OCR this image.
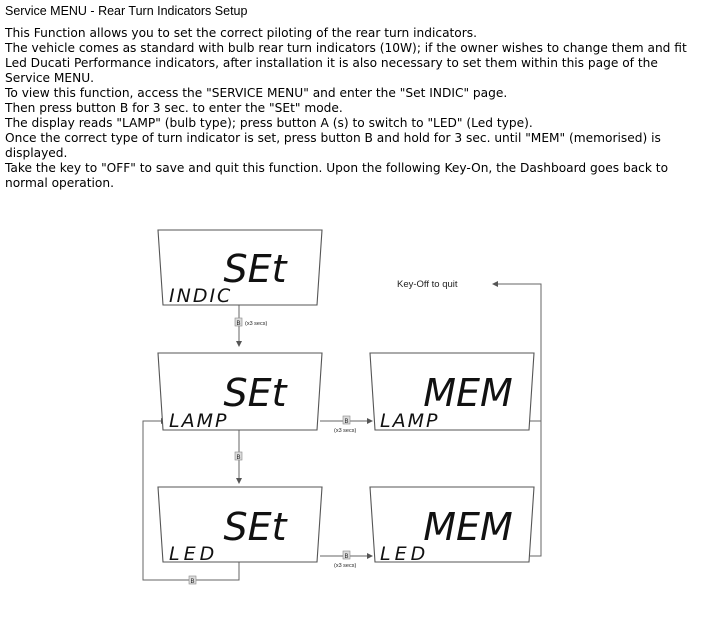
Service MENU - Rear Turn Indicators Setup

This Function allows you to set the correct piloting of the rear turn indicators.

The vehicle comes as standard with bulb rear turn indicators (10W); if the owner wishes to change them and fit Led Ducati Performance indicators, after installation it is also necessary to set them within this page of the Service MENU.

To view this function, access the "SERVICE MENU" and enter the "Set INDIC" page.

Then press button B for 3 sec. to enter the "SEt" mode.

The display reads "LAMP" (bulb type); press button A (s) to switch to "LED" (Led type).

Once the correct type of turn indicator is set, press button B and hold for 3 sec. until "MEM" (memorised) is displayed.

Take the key to "OFF" to save and quit this function. Upon the following Key-On, the Dashboard goes back to normal operation.

SEt
INDIC
SEt
LAMP
MEM
LAMP
SEt
LED
MEM
LED
B (x3 secs)
B
B
(x3 secs)
B
(x3 secs)
B
Key-Off to quit
